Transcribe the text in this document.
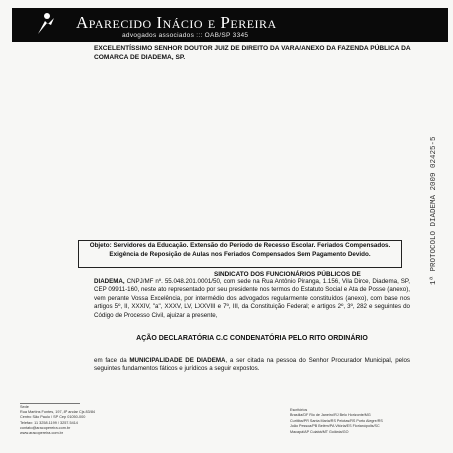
Aparecido Inácio e Pereira
advogados associados ::: OAB/SP 3345
1ª PROTOCOLO DIADEMA 2009 02425-5
EXCELENTÍSSIMO SENHOR DOUTOR JUIZ DE DIREITO DA VARA/ANEXO DA FAZENDA PÚBLICA DA COMARCA DE DIADEMA, SP.
Objeto: Servidores da Educação. Extensão do Período de Recesso Escolar. Feriados Compensados. Exigência de Reposição de Aulas nos Feriados Compensados Sem Pagamento Devido.
SINDICATO DOS FUNCIONÁRIOS PÚBLICOS DE
DIADEMA, CNPJ/MF nº. 55.048.201.0001/50, com sede na Rua Antônio Piranga, 1.156, Vila Dirce, Diadema, SP, CEP 09911-160, neste ato representado por seu presidente nos termos do Estatuto Social e Ata de Posse (anexo), vem perante Vossa Excelência, por intermédio dos advogados regularmente constituídos (anexo), com base nos artigos 5º, II, XXXIV, "a", XXXV, LV, LXXVIII e 7º, III, da Constituição Federal; e artigos 2º, 3º, 282 e seguintes do Código de Processo Civil, ajuizar a presente,
AÇÃO DECLARATÓRIA C.C CONDENATÓRIA PELO RITO ORDINÁRIO
em face da MUNICIPALIDADE DE DIADEMA, a ser citada na pessoa do Senhor Procurador Municipal, pelos seguintes fundamentos fáticos e jurídicos a seguir expostos.
Sede
Rua Martins Fontes, 197, 8º andar Cjs 83/84
Centro São Paulo / SP Cep 01050-000
Telefax: 11 3258.1199 / 3257.5414
contato@aracopereira.com.br
www.aracopereira.com.br
Escritórios
Brasília/DF Rio de Janeiro/RJ Belo Horizonte/MG
Curitiba/PR Santa Maria/RS Pelotas/RS Porto Alegre/RS
João Pessoa/PB Belém/PA Vitória/ES Florianópolis/SC
Macapá/AP Cuiabá/MT Goiânia/GO
